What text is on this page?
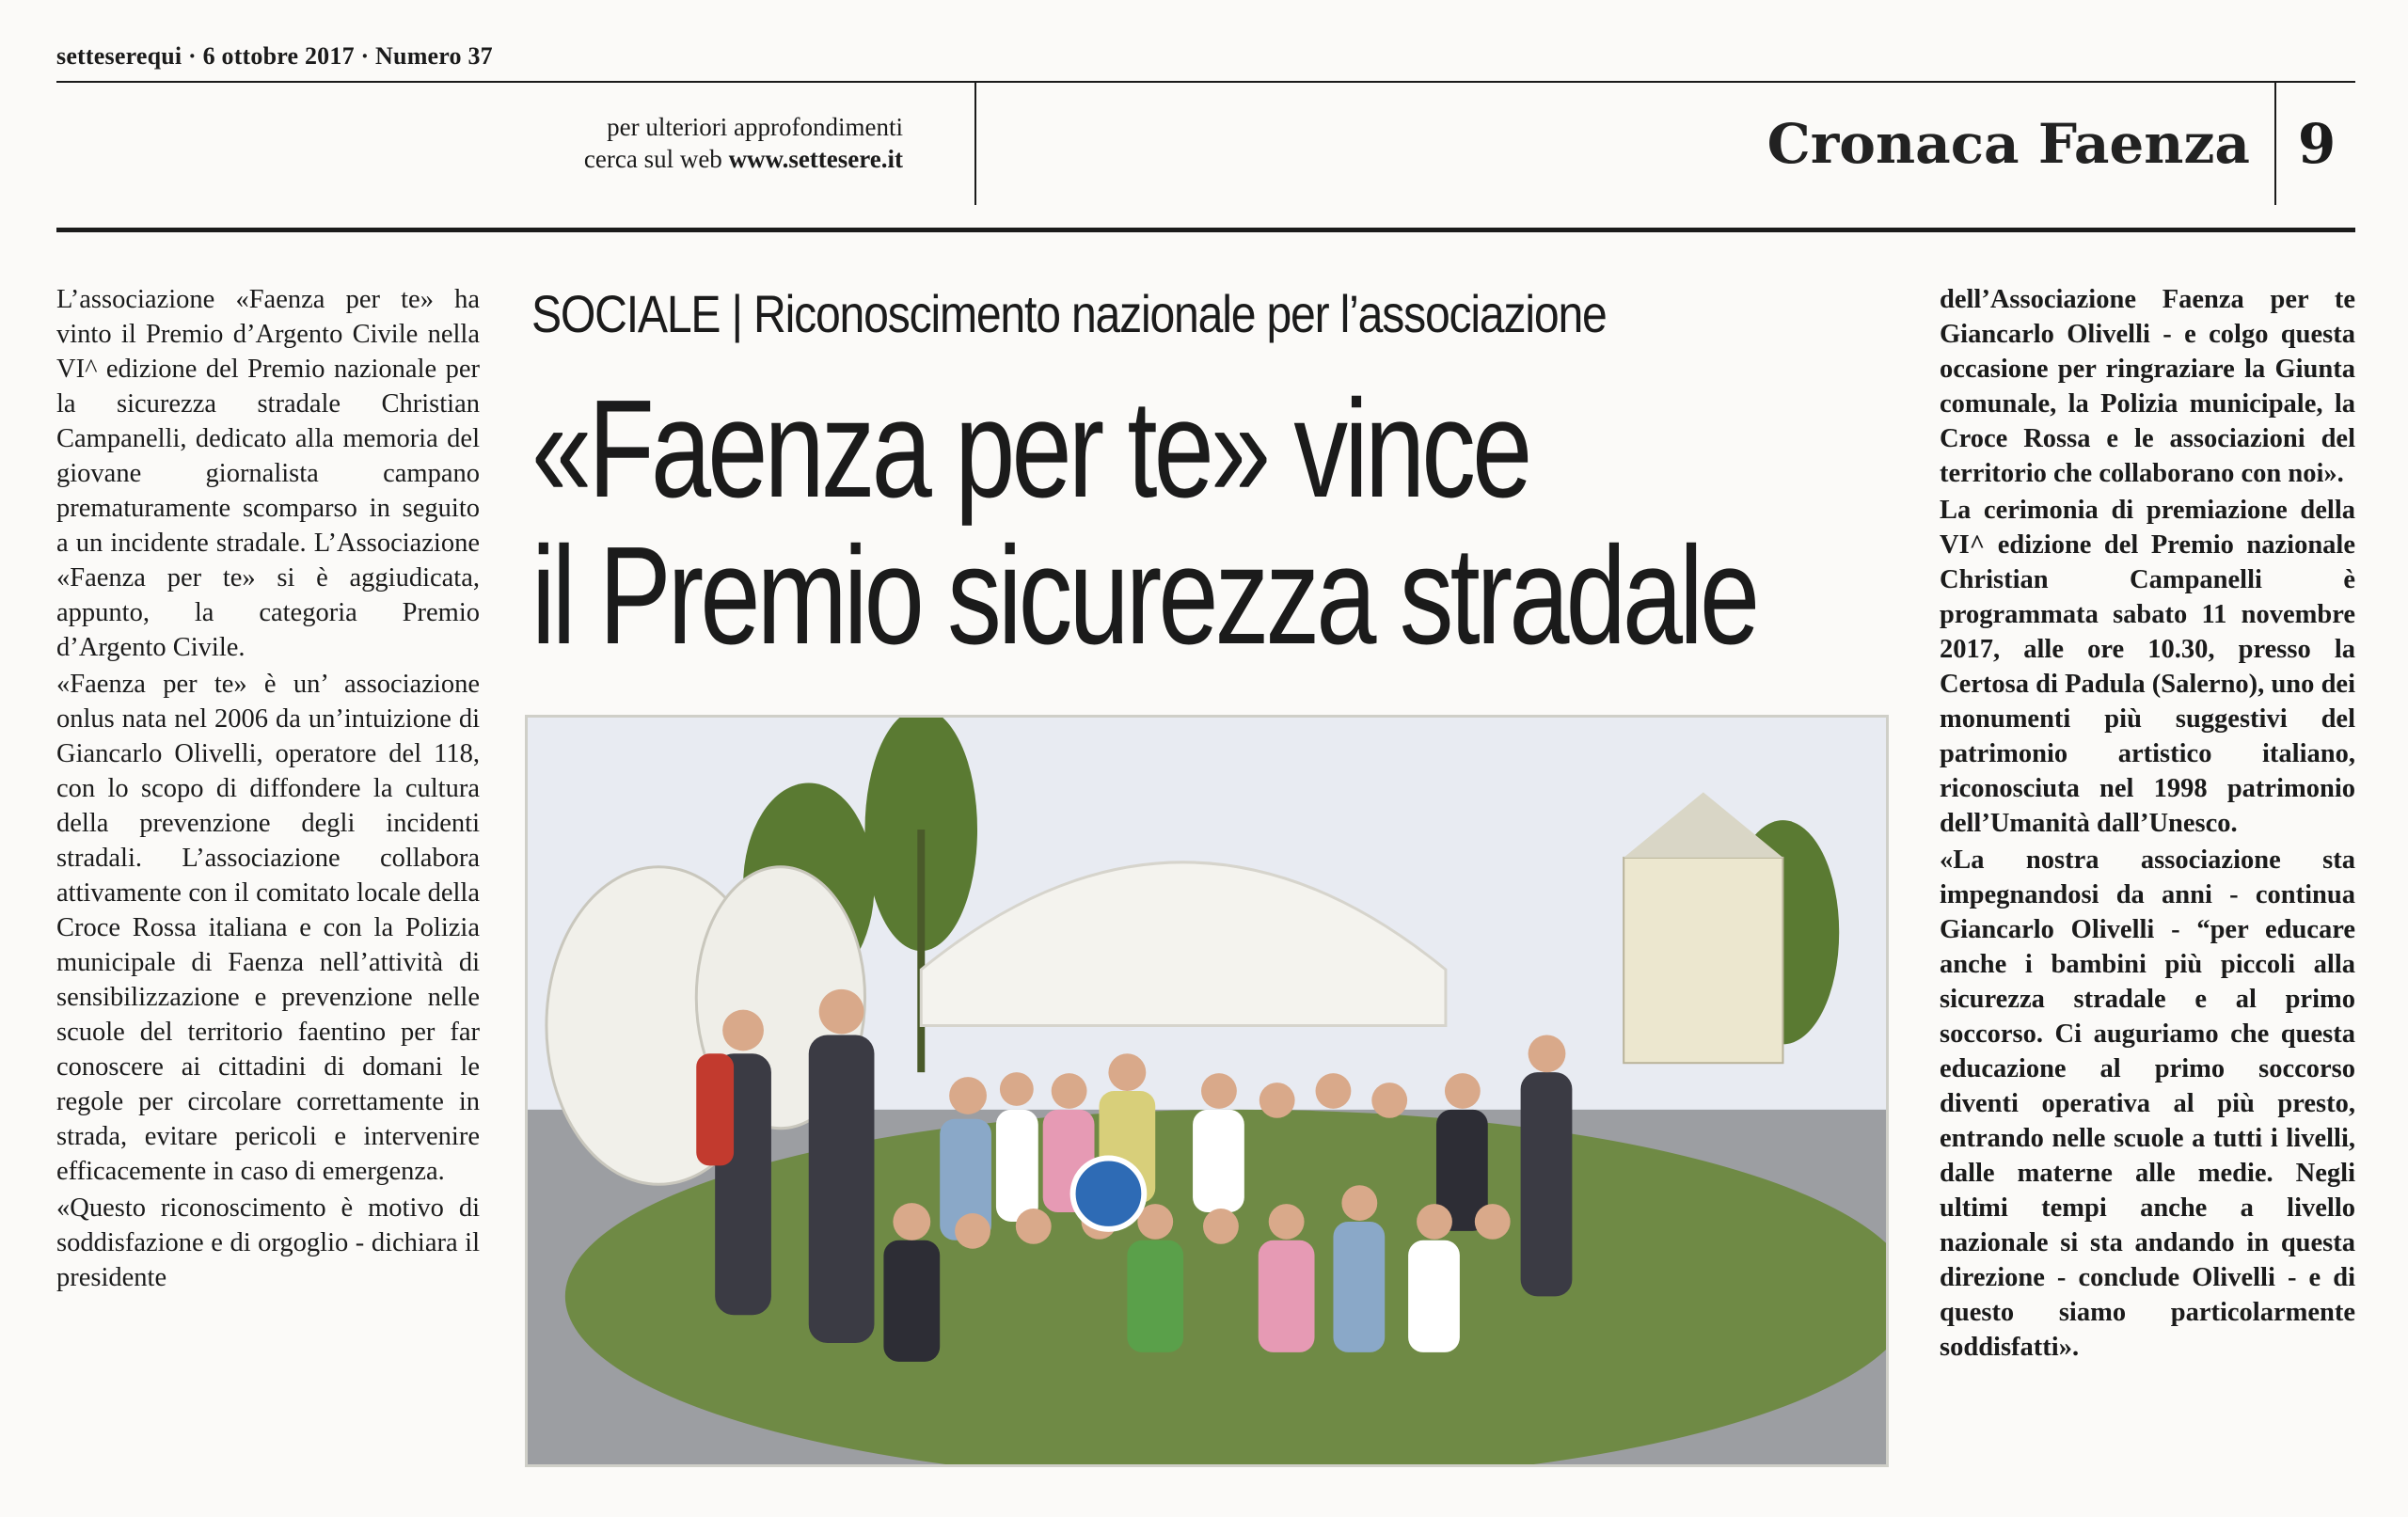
setteserequi · 6 ottobre 2017 · Numero 37
per ulteriori approfondimenti
cerca sul web www.settesere.it	Cronaca Faenza 9

L’associazione «Faenza per te» ha vinto il Premio d’Argento Civile nella VI^ edizione del Premio nazionale per la sicurezza stradale Christian Campanelli, dedicato alla memoria del giovane giornalista campano prematuramente scomparso in seguito a un incidente stradale. L’Associazione «Faenza per te» si è aggiudicata, appunto, la categoria Premio d’Argento Civile.

«Faenza per te» è un’ associazione onlus nata nel 2006 da un’intuizione di Giancarlo Olivelli, operatore del 118, con lo scopo di diffondere la cultura della prevenzione degli incidenti stradali. L’associazione collabora attivamente con il comitato locale della Croce Rossa italiana e con la Polizia municipale di Faenza nell’attività di sensibilizzazione e prevenzione nelle scuole del territorio faentino per far conoscere ai cittadini di domani le regole per circolare correttamente in strada, evitare pericoli e intervenire efficacemente in caso di emergenza.

«Questo riconoscimento è motivo di soddisfazione e di orgoglio - dichiara il presidente

SOCIALE | Riconoscimento nazionale per l’associazione
«Faenza per te» vince
il Premio sicurezza stradale

dell’Associazione Faenza per te Giancarlo Olivelli - e colgo questa occasione per ringraziare la Giunta comunale, la Polizia municipale, la Croce Rossa e le associazioni del territorio che collaborano con noi».

La cerimonia di premiazione della VI^ edizione del Premio nazionale Christian Campanelli è programmata sabato 11 novembre 2017, alle ore 10.30, presso la Certosa di Padula (Salerno), uno dei monumenti più suggestivi del patrimonio artistico italiano, riconosciuta nel 1998 patrimonio dell’Umanità dall’Unesco.

«La nostra associazione sta impegnandosi da anni - continua Giancarlo Olivelli - “per educare anche i bambini più piccoli alla sicurezza stradale e al primo soccorso. Ci auguriamo che questa educazione al primo soccorso diventi operativa al più presto, entrando nelle scuole a tutti i livelli, dalle materne alle medie. Negli ultimi tempi anche a livello nazionale si sta andando in questa direzione - conclude Olivelli - e di questo siamo particolarmente soddisfatti».
